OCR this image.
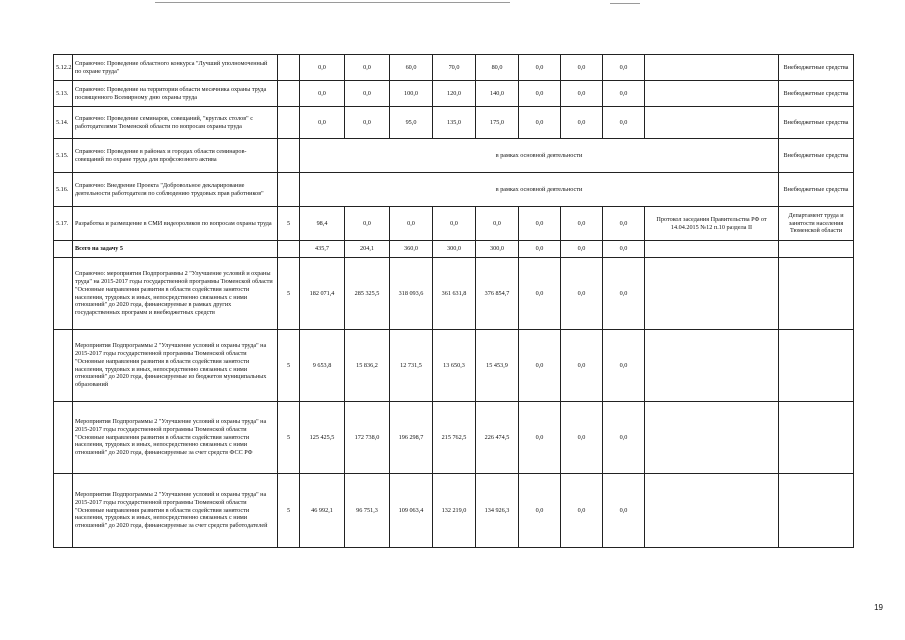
5.12.2.	Справочно: Проведение областного конкурса "Лучший уполномоченный по охране труда"		0,0	0,0	60,0	70,0	80,0	0,0	0,0	0,0		Внебюджетные средства
5.13.	Справочно: Проведение на территории области месячника охраны труда посвященного Всемирному дню охраны труда		0,0	0,0	100,0	120,0	140,0	0,0	0,0	0,0		Внебюджетные средства
5.14.	Справочно: Проведение семинаров, совещаний, "круглых столов" с работодателями Тюменской области по вопросам охраны труда		0,0	0,0	95,0	135,0	175,0	0,0	0,0	0,0		Внебюджетные средства
5.15.	Справочно: Проведение в районах и городах области семинаров-совещаний по охране труда для профсоюзного актива		в рамках основной деятельности									Внебюджетные средства
5.16.	Справочно: Внедрение Проекта "Добровольное декларирование деятельности работодателя по соблюдению трудовых прав работников"		в рамках основной деятельности									Внебюджетные средства
5.17.	Разработка и размещение в СМИ видеороликов по вопросам охраны труда	5	98,4	0,0	0,0	0,0	0,0	0,0	0,0	0,0	Протокол заседания Правительства РФ от 14.04.2015 №12 п.10 раздела II	Департамент труда и занятости населения Тюменской области
	Всего на задачу 5		435,7	204,1	360,0	300,0	300,0	0,0	0,0	0,0		
	Справочно: мероприятия Подпрограммы 2 "Улучшение условий и охраны труда" на 2015-2017 годы государственной программы Тюменской области "Основные направления развития в области содействия занятости населения, трудовых и иных, непосредственно связанных с ними отношений" до 2020 года, финансируемые в рамках других государственных программ и внебюджетных средств	5	182 071,4	285 325,5	318 093,6	361 631,8	376 854,7	0,0	0,0	0,0		
	Мероприятия Подпрограммы 2 "Улучшение условий и охраны труда" на 2015-2017 годы государственной программы Тюменской области "Основные направления развития в области содействия занятости населения, трудовых и иных, непосредственно связанных с ними отношений" до 2020 года, финансируемые из бюджетов муниципальных образований	5	9 653,8	15 836,2	12 731,5	13 650,3	15 453,9	0,0	0,0	0,0		
	Мероприятия Подпрограммы 2 "Улучшение условий и охраны труда" на 2015-2017 годы государственной программы Тюменской области "Основные направления развития в области содействия занятости населения, трудовых и иных, непосредственно связанных с ними отношений" до 2020 года, финансируемые за счет средств ФСС РФ	5	125 425,5	172 738,0	196 298,7	215 762,5	226 474,5	0,0	0,0	0,0		
	Мероприятия Подпрограммы 2 "Улучшение условий и охраны труда" на 2015-2017 годы государственной программы Тюменской области "Основные направления развития в области содействия занятости населения, трудовых и иных, непосредственно связанных с ними отношений" до 2020 года, финансируемые за счет средств работодателей	5	46 992,1	96 751,3	109 063,4	132 219,0	134 926,3	0,0	0,0	0,0		
19
